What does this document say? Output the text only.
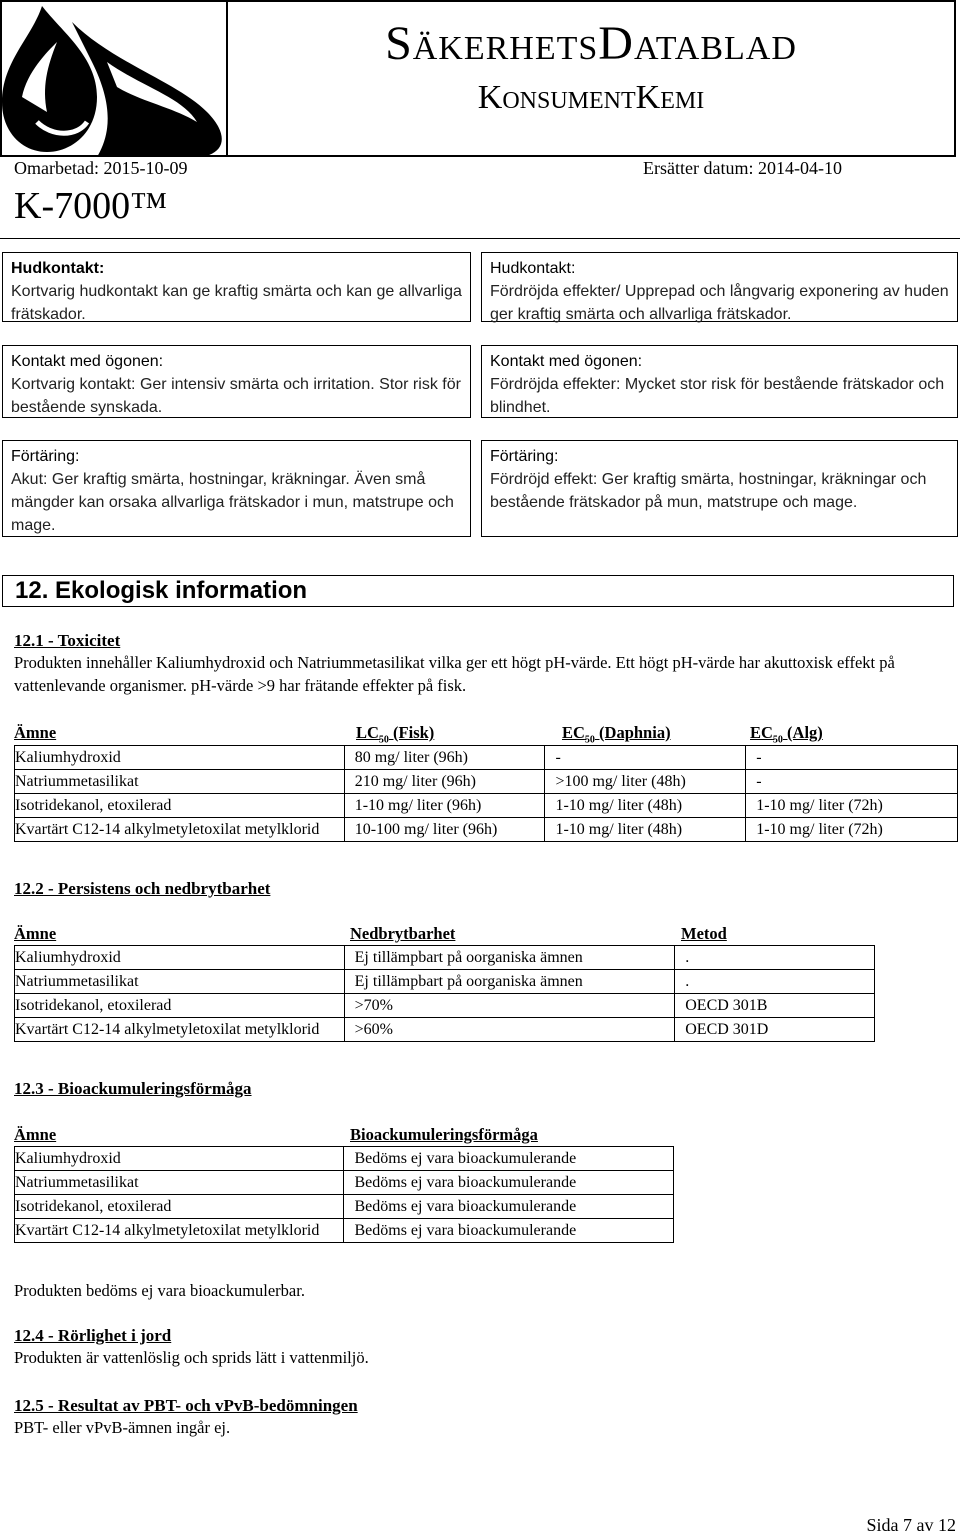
SäkerhetsDatablad
KonsumentKemi
Omarbetad: 2015-10-09	Ersätter datum: 2014-04-10
K-7000™
Hudkontakt:
Kortvarig hudkontakt kan ge kraftig smärta och kan ge allvarliga frätskador.
Kontakt med ögonen:
Kortvarig kontakt: Ger intensiv smärta och irritation. Stor risk för bestående synskada.
Förtäring:
Akut: Ger kraftig smärta, hostningar, kräkningar. Även små mängder kan orsaka allvarliga frätskador i mun, matstrupe och mage.
Hudkontakt:
Fördröjda effekter/ Upprepad och långvarig exponering av huden ger kraftig smärta och allvarliga frätskador.
Kontakt med ögonen:
Fördröjda effekter: Mycket stor risk för bestående frätskador och blindhet.
Förtäring:
Fördröjd effekt: Ger kraftig smärta, hostningar, kräkningar och bestående frätskador på mun, matstrupe och mage.
12. Ekologisk information
12.1 - Toxicitet
Produkten innehåller Kaliumhydroxid och Natriummetasilikat vilka ger ett högt pH-värde. Ett högt pH-värde har akuttoxisk effekt på vattenlevande organismer. pH-värde >9 har frätande effekter på fisk.
Ämne	$LC_{50}$ (Fisk)	$EC_{50}$ (Daphnia)	$EC_{50}$ (Alg)
Kaliumhydroxid	80 mg/ liter (96h)	-	-
Natriummetasilikat	210 mg/ liter (96h)	>100 mg/ liter (48h)	-
Isotridekanol, etoxilerad	1-10 mg/ liter (96h)	1-10 mg/ liter (48h)	1-10 mg/ liter (72h)
Kvartärt C12-14 alkylmetyletoxilat metylklorid	10-100 mg/ liter (96h)	1-10 mg/ liter (48h)	1-10 mg/ liter (72h)
12.2 - Persistens och nedbrytbarhet
Ämne	Nedbrytbarhet	Metod
Kaliumhydroxid	Ej tillämpbart på oorganiska ämnen	.
Natriummetasilikat	Ej tillämpbart på oorganiska ämnen	.
Isotridekanol, etoxilerad	>70%	OECD 301B
Kvartärt C12-14 alkylmetyletoxilat metylklorid	>60%	OECD 301D
12.3 - Bioackumuleringsförmåga
Ämne	Bioackumuleringsförmåga
Kaliumhydroxid	Bedöms ej vara bioackumulerande
Natriummetasilikat	Bedöms ej vara bioackumulerande
Isotridekanol, etoxilerad	Bedöms ej vara bioackumulerande
Kvartärt C12-14 alkylmetyletoxilat metylklorid	Bedöms ej vara bioackumulerande
Produkten bedöms ej vara bioackumulerbar.
12.4 - Rörlighet i jord
Produkten är vattenlöslig och sprids lätt i vattenmiljö.
12.5 - Resultat av PBT- och vPvB-bedömningen
PBT- eller vPvB-ämnen ingår ej.
Sida 7 av 12
